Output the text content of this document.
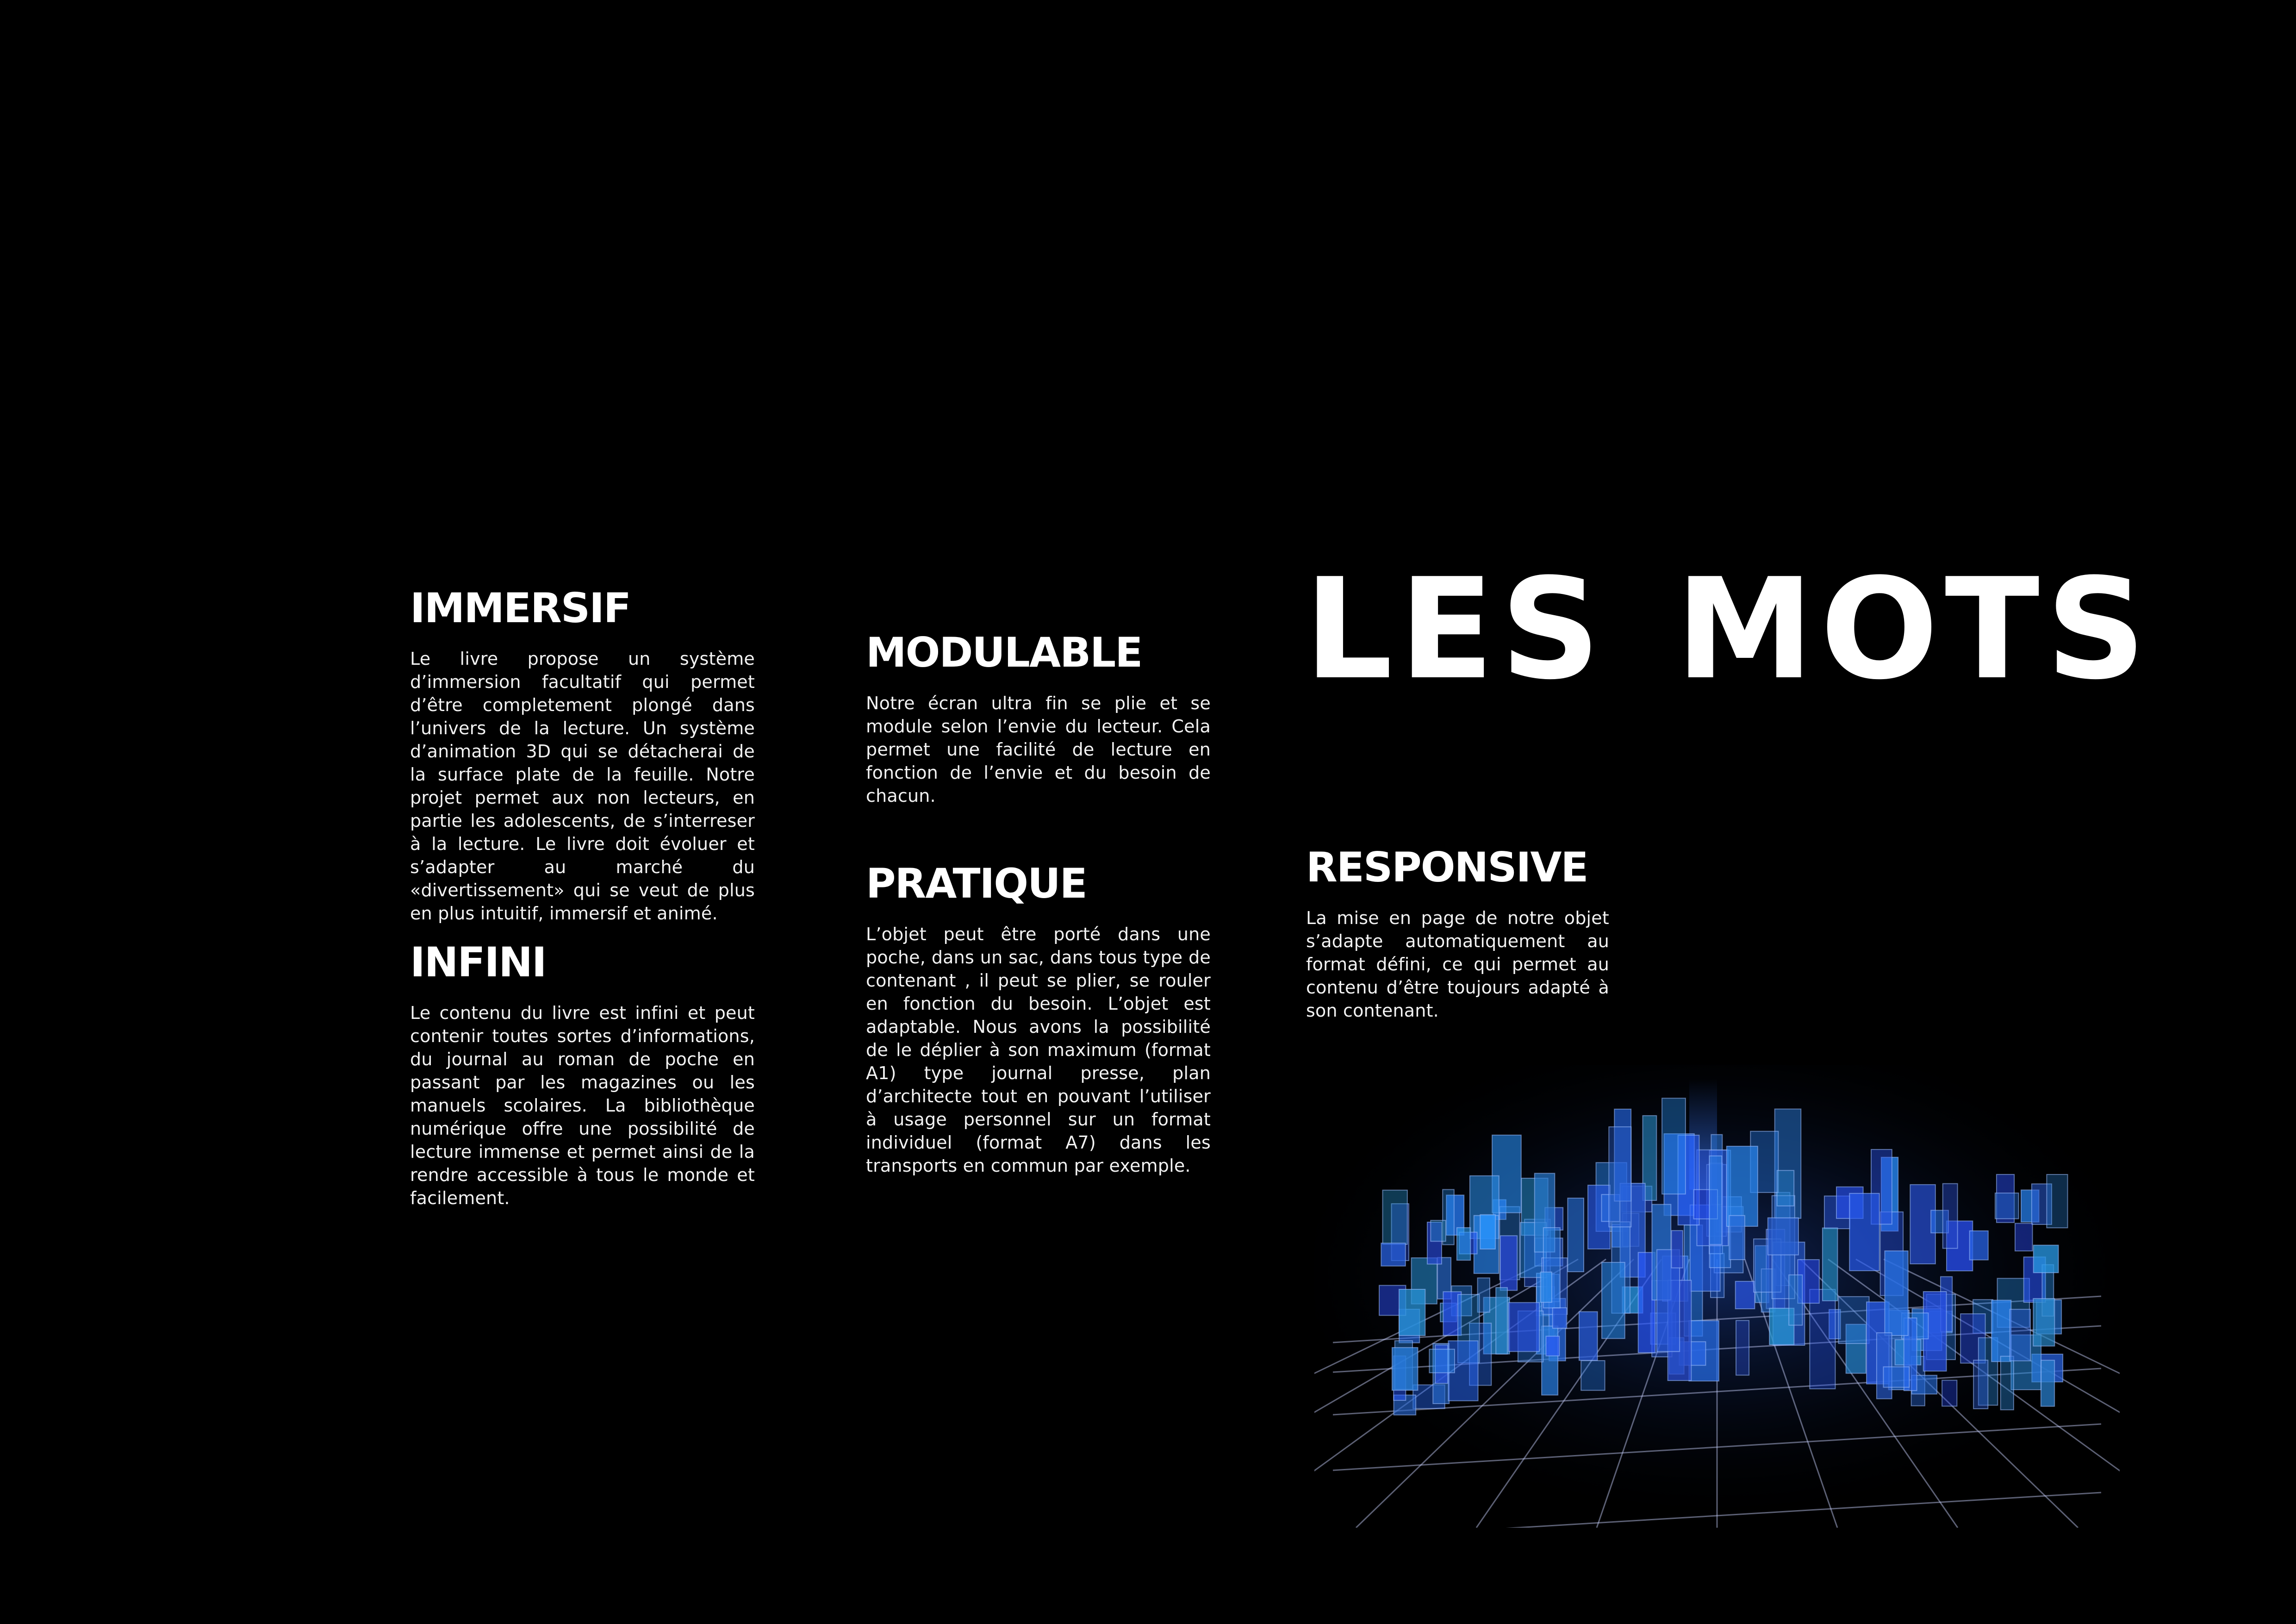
IMMERSIF

Le livre propose un système d’immersion facultatif qui permet d’être completement plongé dans l’univers de la lecture. Un système d’animation 3D qui se détacherai de la surface plate de la feuille. Notre projet permet aux non lecteurs, en partie les adolescents, de s’interreser à la lecture. Le livre doit évoluer et s’adapter au marché du «divertissement» qui se veut de plus en plus intuitif, immersif et animé.

INFINI

Le contenu du livre est infini et peut contenir toutes sortes d’informations, du journal au roman de poche en passant par les magazines ou les manuels scolaires. La bibliothèque numérique offre une possibilité de lecture immense et permet ainsi de la rendre accessible à tous le monde et facilement.

MODULABLE

Notre écran ultra fin se plie et se module selon l’envie du lecteur. Cela permet une facilité de lecture en fonction de l’envie et du besoin de chacun.

PRATIQUE

L’objet peut être porté dans une poche, dans un sac, dans tous type de contenant , il peut se plier, se rouler en fonction du besoin. L’objet est adaptable. Nous avons la possibilité de le déplier à son maximum (format A1) type journal presse, plan d’architecte tout en pouvant l’utiliser à usage personnel sur un format individuel (format A7) dans les transports en commun par exemple.

LES MOTS
RESPONSIVE

La mise en page de notre objet s’adapte automatiquement au format défini, ce qui permet au contenu d’être toujours adapté à son contenant.
